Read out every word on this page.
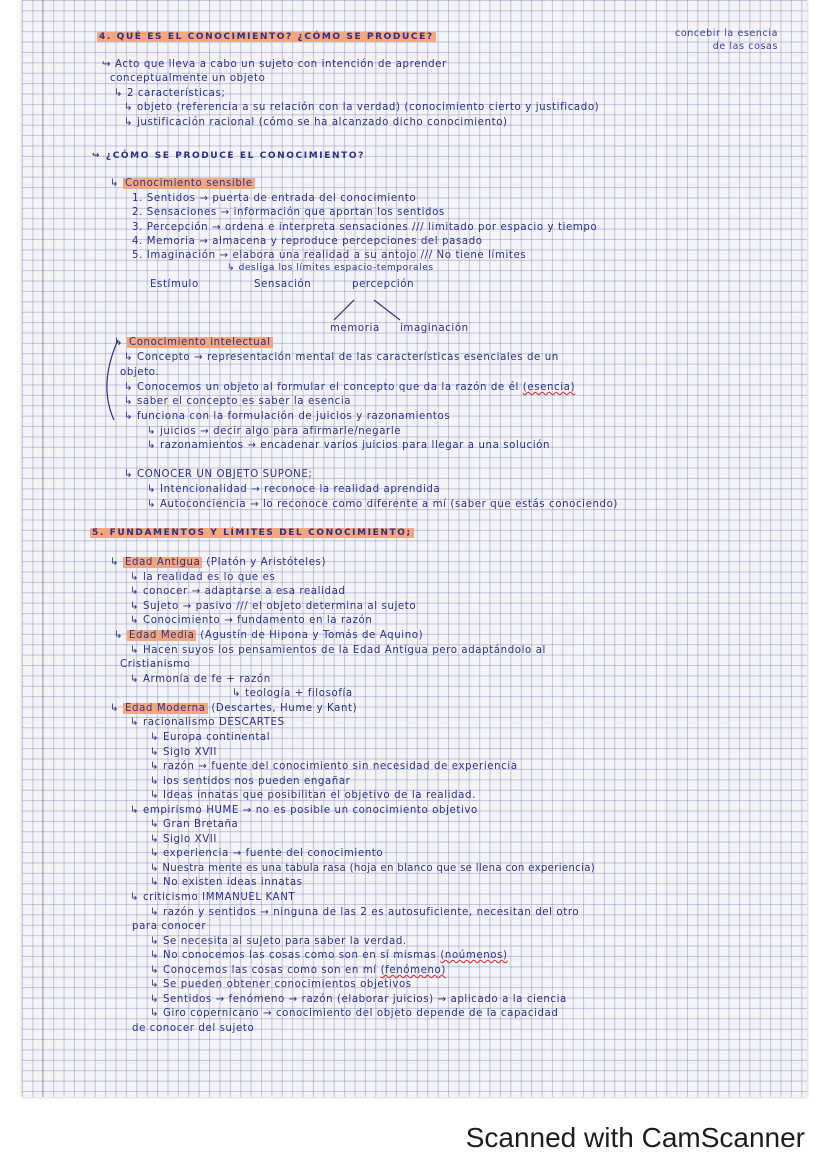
concebir la esencia
de las cosas
4. QUÉ ES EL CONOCIMIENTO? ¿CÓMO SE PRODUCE?
↪ Acto que lleva a cabo un sujeto con intención de aprender
conceptualmente un objeto
↳ 2 características;
↳ objeto (referencia a su relación con la verdad) (conocimiento cierto y justificado)
↳ justificación racional (cómo se ha alcanzado dicho conocimiento)
↪ ¿CÓMO SE PRODUCE EL CONOCIMIENTO?
↳ Conocimiento sensible
1. Sentidos → puerta de entrada del conocimiento
2. Sensaciones → información que aportan los sentidos
3. Percepción → ordena e interpreta sensaciones /// limitado por espacio y tiempo
4. Memoria → almacena y reproduce percepciones del pasado
5. Imaginación → elabora una realidad a su antojo /// No tiene límites
↳ desliga los límites espacio-temporales
Estímulo	Sensación	percepción
memoria imaginación
↳ Conocimiento intelectual
↳ Concepto → representación mental de las características esenciales de un
objeto.
↳ Conocemos un objeto al formular el concepto que da la razón de él (esencia)
↳ saber el concepto es saber la esencia
↳ funciona con la formulación de juicios y razonamientos
↳ juicios → decir algo para afirmarle/negarle
↳ razonamientos → encadenar varios juicios para llegar a una solución
↳ CONOCER UN OBJETO SUPONE;
↳ Intencionalidad → reconoce la realidad aprendida
↳ Autoconciencia → lo reconoce como diferente a mí (saber que estás conociendo)
5. FUNDAMENTOS Y LÍMITES DEL CONOCIMIENTO;
↳ Edad Antigua (Platón y Aristóteles)
↳ la realidad es lo que es
↳ conocer → adaptarse a esa realidad
↳ Sujeto → pasivo /// el objeto determina al sujeto
↳ Conocimiento → fundamento en la razón
↳ Edad Media (Agustín de Hipona y Tomás de Aquino)
↳ Hacen suyos los pensamientos de la Edad Antigua pero adaptándolo al
Cristianismo
↳ Armonía de fe + razón
↳ teología + filosofía
↳ Edad Moderna (Descartes, Hume y Kant)
↳ racionalismo DESCARTES
↳ Europa continental
↳ Siglo XVII
↳ razón → fuente del conocimiento sin necesidad de experiencia
↳ los sentidos nos pueden engañar
↳ Ideas innatas que posibilitan el objetivo de la realidad.
↳ empirismo HUME → no es posible un conocimiento objetivo
↳ Gran Bretaña
↳ Siglo XVII
↳ experiencia → fuente del conocimiento
↳ Nuestra mente es una tabula rasa (hoja en blanco que se llena con experiencia)
↳ No existen ideas innatas
↳ criticismo IMMANUEL KANT
↳ razón y sentidos → ninguna de las 2 es autosuficiente, necesitan del otro
para conocer
↳ Se necesita al sujeto para saber la verdad.
↳ No conocemos las cosas como son en sí mismas (noúmenos)
↳ Conocemos las cosas como son en mí (fenómeno)
↳ Se pueden obtener conocimientos objetivos
↳ Sentidos → fenómeno → razón (elaborar juicios) → aplicado a la ciencia
↳ Giro copernicano → conocimiento del objeto depende de la capacidad
de conocer del sujeto
Scanned with CamScanner
